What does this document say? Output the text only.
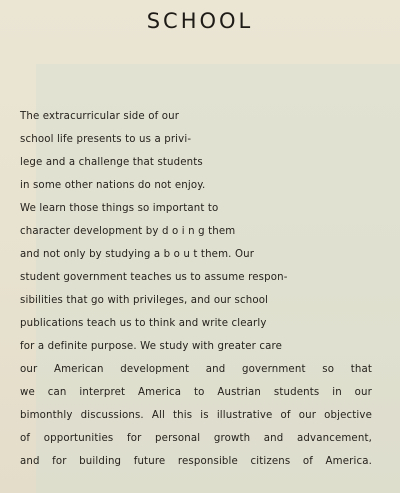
SCHOOL
The extracurricular side of our
school life presents to us a privi-
lege and a challenge that students
in some other nations do not enjoy.
We learn those things so important to
character development by d o i n g them
and not only by studying a b o u t them. Our
student government teaches us to assume respon-
sibilities that go with privileges, and our school
publications teach us to think and write clearly
for a definite purpose. We study with greater care
our American development and government so that
we can interpret America to Austrian students in our
bimonthly discussions. All this is illustrative of our objective
of opportunities for personal growth and advancement,
and for building future responsible citizens of America.
